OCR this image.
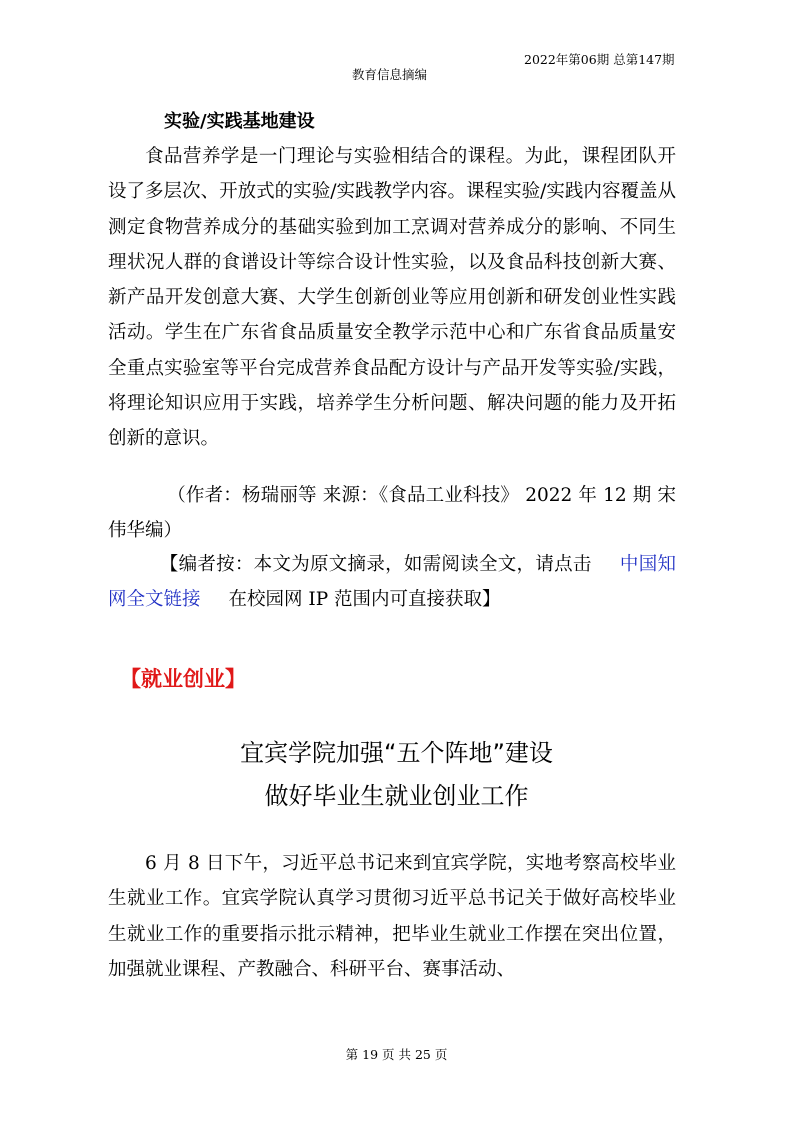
教育信息摘编

2022年第06期 总第147期

实验/实践基地建设
食品营养学是一门理论与实验相结合的课程。为此，课程团队开设了多层次、开放式的实验/实践教学内容。课程实验/实践内容覆盖从测定食物营养成分的基础实验到加工烹调对营养成分的影响、不同生理状况人群的食谱设计等综合设计性实验，以及食品科技创新大赛、新产品开发创意大赛、大学生创新创业等应用创新和研发创业性实践活动。学生在广东省食品质量安全教学示范中心和广东省食品质量安全重点实验室等平台完成营养食品配方设计与产品开发等实验/实践，将理论知识应用于实践，培养学生分析问题、解决问题的能力及开拓创新的意识。
（作者：杨瑞丽等 来源：《食品工业科技》 2022 年 12 期 宋伟华编）
【编者按：本文为原文摘录，如需阅读全文，请点击 中国知网全文链接 在校园网 IP 范围内可直接获取】
【就业创业】
宜宾学院加强“五个阵地”建设
做好毕业生就业创业工作
6 月 8 日下午，习近平总书记来到宜宾学院，实地考察高校毕业生就业工作。宜宾学院认真学习贯彻习近平总书记关于做好高校毕业生就业工作的重要指示批示精神，把毕业生就业工作摆在突出位置，加强就业课程、产教融合、科研平台、赛事活动、
第 19 页 共 25 页
